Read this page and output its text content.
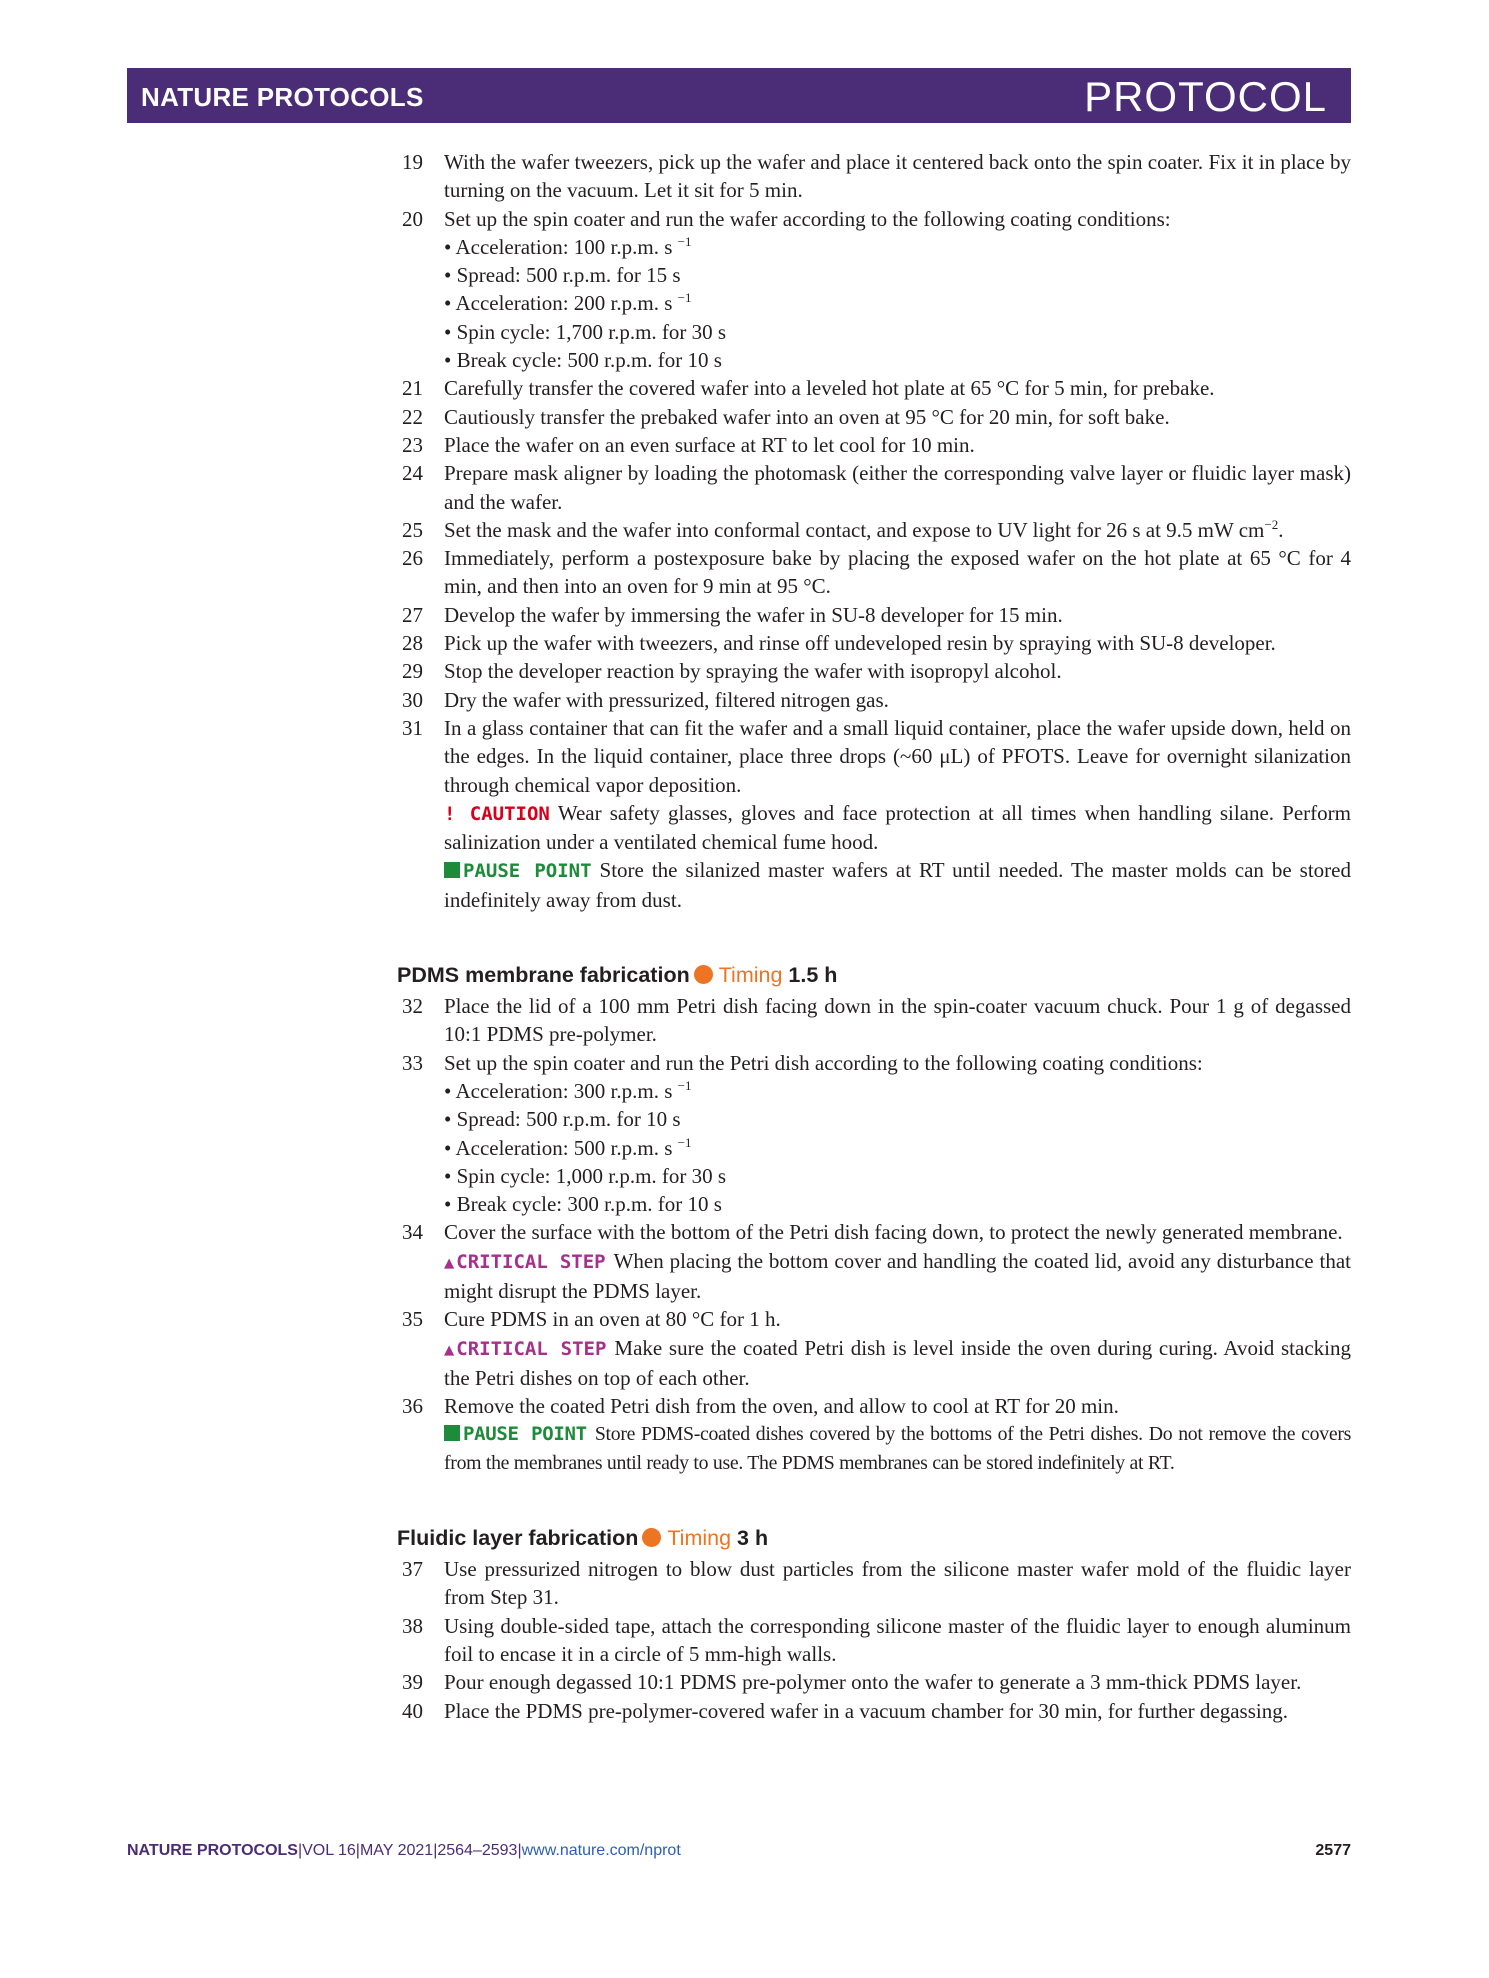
NATURE PROTOCOLS	PROTOCOL
19 With the wafer tweezers, pick up the wafer and place it centered back onto the spin coater. Fix it in place by turning on the vacuum. Let it sit for 5 min.
20 Set up the spin coater and run the wafer according to the following coating conditions:
• Acceleration: 100 r.p.m. s $^{-1}$
• Spread: 500 r.p.m. for 15 s
• Acceleration: 200 r.p.m. s $^{-1}$
• Spin cycle: 1,700 r.p.m. for 30 s
• Break cycle: 500 r.p.m. for 10 s
21 Carefully transfer the covered wafer into a leveled hot plate at 65 °C for 5 min, for prebake.
22 Cautiously transfer the prebaked wafer into an oven at 95 °C for 20 min, for soft bake.
23 Place the wafer on an even surface at RT to let cool for 10 min.
24 Prepare mask aligner by loading the photomask (either the corresponding valve layer or fluidic layer mask) and the wafer.
25 Set the mask and the wafer into conformal contact, and expose to UV light for 26 s at 9.5 mW $cm^{-2}$.
26 Immediately, perform a postexposure bake by placing the exposed wafer on the hot plate at 65 °C for 4 min, and then into an oven for 9 min at 95 °C.
27 Develop the wafer by immersing the wafer in SU-8 developer for 15 min.
28 Pick up the wafer with tweezers, and rinse off undeveloped resin by spraying with SU-8 developer.
29 Stop the developer reaction by spraying the wafer with isopropyl alcohol.
30 Dry the wafer with pressurized, filtered nitrogen gas.
31 In a glass container that can fit the wafer and a small liquid container, place the wafer upside down, held on the edges. In the liquid container, place three drops (~60 μL) of PFOTS. Leave for overnight silanization through chemical vapor deposition.
! CAUTION Wear safety glasses, gloves and face protection at all times when handling silane. Perform salinization under a ventilated chemical fume hood.
PAUSE POINT Store the silanized master wafers at RT until needed. The master molds can be stored indefinitely away from dust.
PDMS membrane fabrication Timing 1.5 h
32 Place the lid of a 100 mm Petri dish facing down in the spin-coater vacuum chuck. Pour 1 g of degassed 10:1 PDMS pre-polymer.
33 Set up the spin coater and run the Petri dish according to the following coating conditions:
• Acceleration: 300 r.p.m. s $^{-1}$
• Spread: 500 r.p.m. for 10 s
• Acceleration: 500 r.p.m. s $^{-1}$
• Spin cycle: 1,000 r.p.m. for 30 s
• Break cycle: 300 r.p.m. for 10 s
34 Cover the surface with the bottom of the Petri dish facing down, to protect the newly generated membrane.
▲ CRITICAL STEP When placing the bottom cover and handling the coated lid, avoid any disturbance that might disrupt the PDMS layer.
35 Cure PDMS in an oven at 80 °C for 1 h.
▲ CRITICAL STEP Make sure the coated Petri dish is level inside the oven during curing. Avoid stacking the Petri dishes on top of each other.
36 Remove the coated Petri dish from the oven, and allow to cool at RT for 20 min.
PAUSE POINT Store PDMS-coated dishes covered by the bottoms of the Petri dishes. Do not remove the covers from the membranes until ready to use. The PDMS membranes can be stored indefinitely at RT.
Fluidic layer fabrication Timing 3 h
37 Use pressurized nitrogen to blow dust particles from the silicone master wafer mold of the fluidic layer from Step 31.
38 Using double-sided tape, attach the corresponding silicone master of the fluidic layer to enough aluminum foil to encase it in a circle of 5 mm-high walls.
39 Pour enough degassed 10:1 PDMS pre-polymer onto the wafer to generate a 3 mm-thick PDMS layer.
40 Place the PDMS pre-polymer-covered wafer in a vacuum chamber for 30 min, for further degassing.
NATURE PROTOCOLS|VOL 16|MAY 2021|2564–2593|www.nature.com/nprot	2577
